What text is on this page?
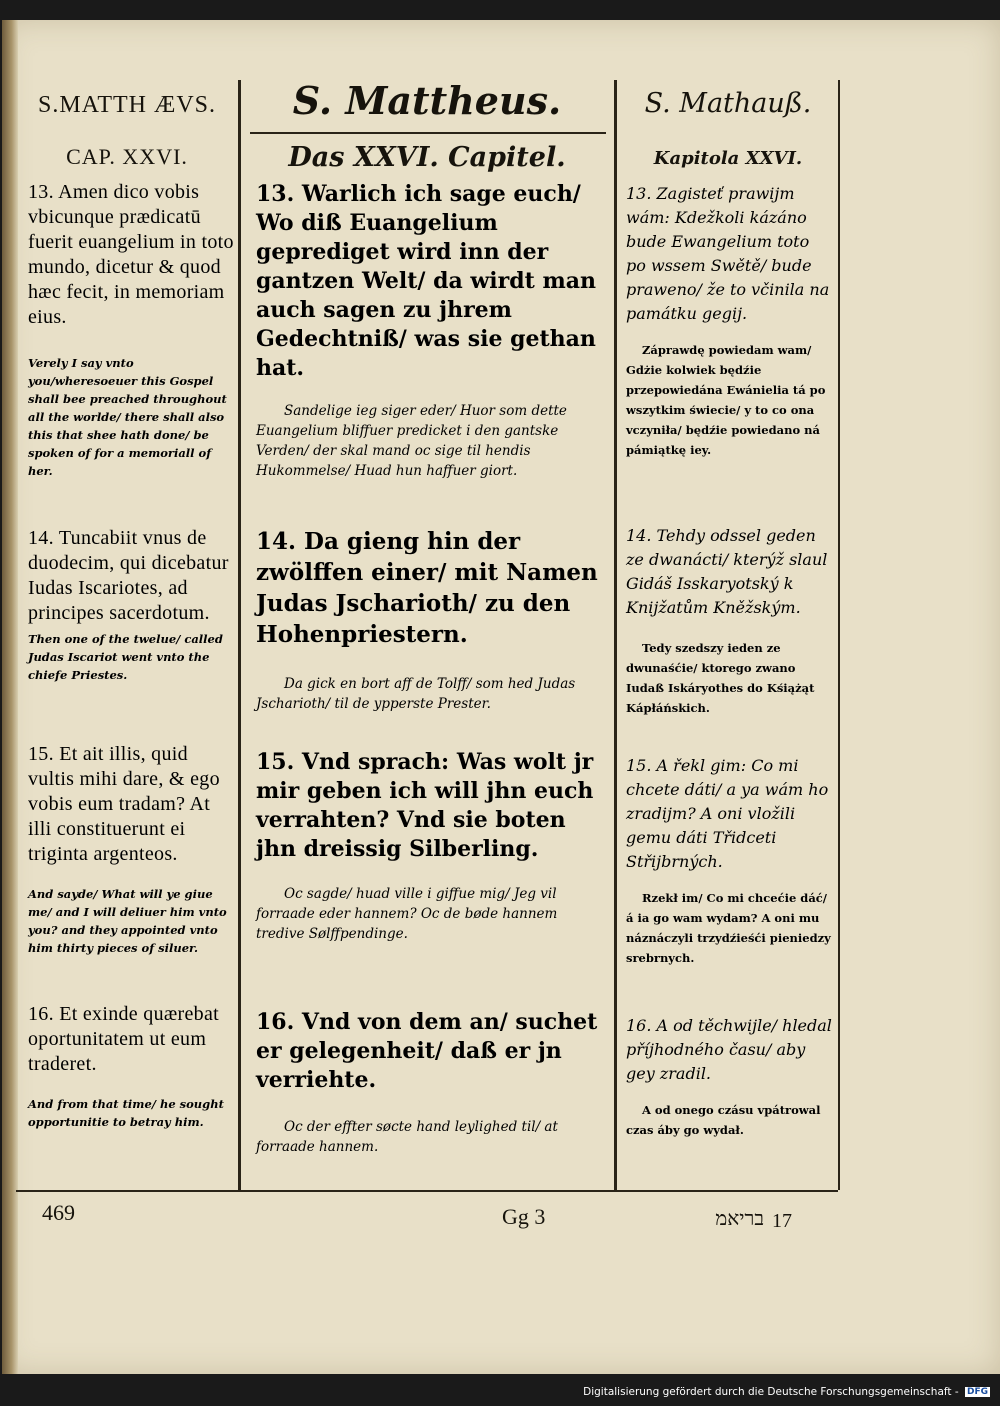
S.MATTH ÆVS.	S. Mattheus.	S. Mathauß.
CAP. XXVI.	Das XXVI. Capitel.	Kapitola XXVI.

13. Amen dico vobis vbicunque prædicatū fuerit euangelium in toto mundo, dicetur & quod hæc fecit, in memoriam eius.

Verely I say vnto you/wheresoeuer this Gospel shall bee preached throughout all the worlde/ there shall also this that shee hath done/ be spoken of for a memoriall of her.

13. Warlich ich sage euch/ Wo diß Euangelium geprediget wird inn der gantzen Welt/ da wirdt man auch sagen zu jhrem Gedechtniß/ was sie gethan hat.

Sandelige ieg siger eder/ Huor som dette Euangelium bliffuer predicket i den gantske Verden/ der skal mand oc sige til hendis Hukommelse/ Huad hun haffuer giort.

13. Zagisteť prawijm wám: Kdežkoli kázáno bude Ewangelium toto po wssem Swětě/ bude praweno/ že to včinila na památku gegij.

Záprawdę powiedam wam/ Gdżie kolwiek będźie przepowiedána Ewánielia tá po wszytkim świecie/ y to co ona vczyniła/ będźie powiedano ná pámiątkę iey.

14. Tuncabiit vnus de duodecim, qui dicebatur Iudas Iscariotes, ad principes sacerdotum.

Then one of the twelue/ called Judas Iscariot went vnto the chiefe Priestes.

14. Da gieng hin der zwölffen einer/ mit Namen Judas Jscharioth/ zu den Hohenpriestern.

Da gick en bort aff de Tolff/ som hed Judas Jscharioth/ til de ypperste Prester.

14. Tehdy odssel geden ze dwanácti/ kterýž slaul Gidáš Isskaryotský k Knijžatům Kněžským.

Tedy szedszy ieden ze dwunaśćie/ ktorego zwano Iudaß Iskáryothes do Kśiążąt Kápłáńskich.

15. Et ait illis, quid vultis mihi dare, & ego vobis eum tradam? At illi constituerunt ei triginta argenteos.

And sayde/ What will ye giue me/ and I will deliuer him vnto you? and they appointed vnto him thirty pieces of siluer.

15. Vnd sprach: Was wolt jr mir geben ich will jhn euch verrahten? Vnd sie boten jhn dreissig Silberling.

Oc sagde/ huad ville i giffue mig/ Jeg vil forraade eder hannem? Oc de bøde hannem tredive Sølffpendinge.

15. A řekl gim: Co mi chcete dáti/ a ya wám ho zradijm? A oni vložili gemu dáti Třidceti Střijbrných.

Rzekł im/ Co mi chcećie dáć/ á ia go wam wydam? A oni mu náznáczyli trzydźieśći pieniedzy srebrnych.

16. Et exinde quærebat oportunitatem ut eum traderet.

And from that time/ he sought opportunitie to betray him.

16. Vnd von dem an/ suchet er gelegenheit/ daß er jn verriehte.

Oc der effter søcte hand leylighed til/ at forraade hannem.

16. A od těchwijle/ hledal příjhodného času/ aby gey zradil.

A od onego czásu vpátrowal czas áby go wydał.

469	Gg 3	בריאמ 17
Digitalisierung gefördert durch die Deutsche Forschungsgemeinschaft - DFG
